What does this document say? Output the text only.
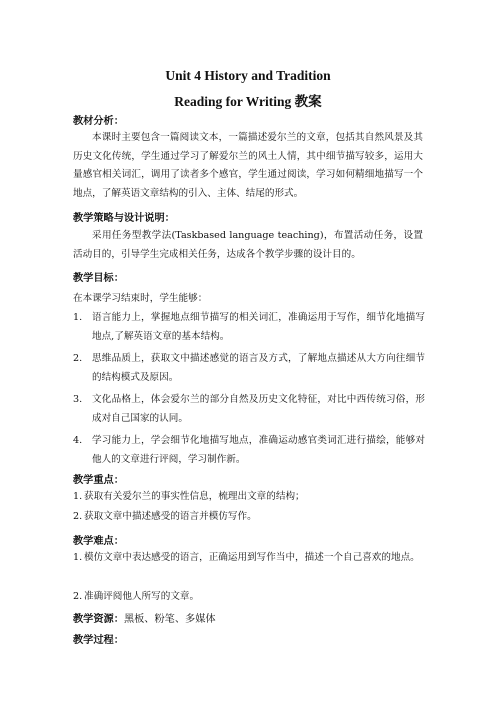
Unit 4 History and Tradition
Reading for Writing 教案
教材分析：
本课时主要包含一篇阅读文本，一篇描述爱尔兰的文章，包括其自然风景及其历史文化传统，学生通过学习了解爱尔兰的风土人情，其中细节描写较多，运用大量感官相关词汇，调用了读者多个感官，学生通过阅读，学习如何精细地描写一个地点，了解英语文章结构的引入、主体、结尾的形式。
教学策略与设计说明：
采用任务型教学法(Taskbased language teaching)，布置活动任务，设置活动目的，引导学生完成相关任务，达成各个教学步骤的设计目的。
教学目标：
在本课学习结束时，学生能够：
1. 语言能力上，掌握地点细节描写的相关词汇，准确运用于写作，细节化地描写地点,了解英语文章的基本结构。
2. 思维品质上，获取文中描述感觉的语言及方式，了解地点描述从大方向往细节的结构模式及原因。
3. 文化品格上，体会爱尔兰的部分自然及历史文化特征，对比中西传统习俗，形成对自己国家的认同。
4. 学习能力上，学会细节化地描写地点，准确运动感官类词汇进行描绘，能够对他人的文章进行评阅，学习制作新。
教学重点：
1. 获取有关爱尔兰的事实性信息，梳理出文章的结构；
2. 获取文章中描述感受的语言并模仿写作。
教学难点：
1. 模仿文章中表达感受的语言，正确运用到写作当中，描述一个自己喜欢的地点。
2. 准确评阅他人所写的文章。
教学资源：黑板、粉笔、多媒体
教学过程：
